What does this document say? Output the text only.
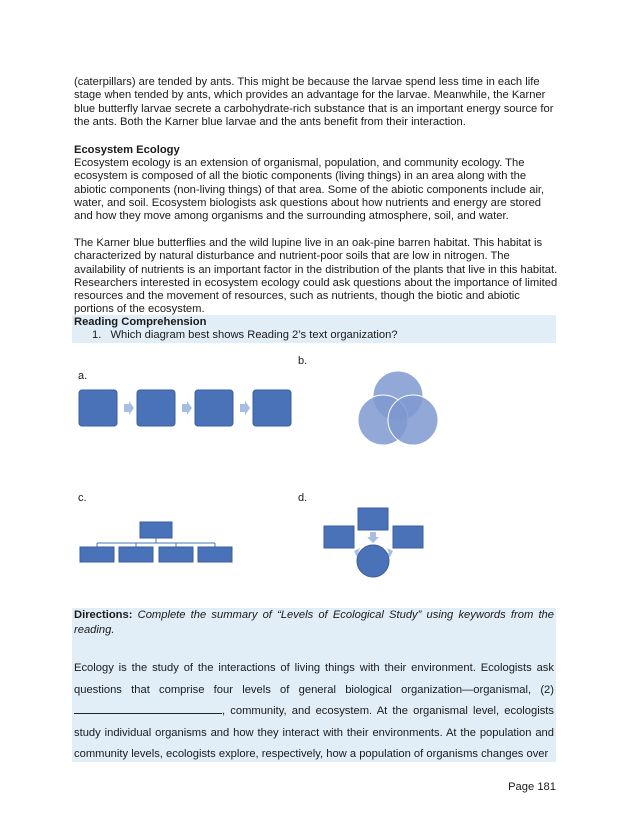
(caterpillars) are tended by ants. This might be because the larvae spend less time in each life stage when tended by ants, which provides an advantage for the larvae. Meanwhile, the Karner blue butterfly larvae secrete a carbohydrate-rich substance that is an important energy source for the ants. Both the Karner blue larvae and the ants benefit from their interaction.

Ecosystem Ecology

Ecosystem ecology is an extension of organismal, population, and community ecology. The ecosystem is composed of all the biotic components (living things) in an area along with the abiotic components (non-living things) of that area. Some of the abiotic components include air, water, and soil. Ecosystem biologists ask questions about how nutrients and energy are stored and how they move among organisms and the surrounding atmosphere, soil, and water.

The Karner blue butterflies and the wild lupine live in an oak-pine barren habitat. This habitat is characterized by natural disturbance and nutrient-poor soils that are low in nitrogen. The availability of nutrients is an important factor in the distribution of the plants that live in this habitat. Researchers interested in ecosystem ecology could ask questions about the importance of limited resources and the movement of resources, such as nutrients, though the biotic and abiotic portions of the ecosystem.

Reading Comprehension
1. Which diagram best shows Reading 2’s text organization?
a.
b.
c.	d.
Directions: Complete the summary of “Levels of Ecological Study” using keywords from the reading.
Ecology is the study of the interactions of living things with their environment. Ecologists ask questions that comprise four levels of general biological organization—organismal, (2) , community, and ecosystem. At the organismal level, ecologists study individual organisms and how they interact with their environments. At the population and community levels, ecologists explore, respectively, how a population of organisms changes over
Page 181
